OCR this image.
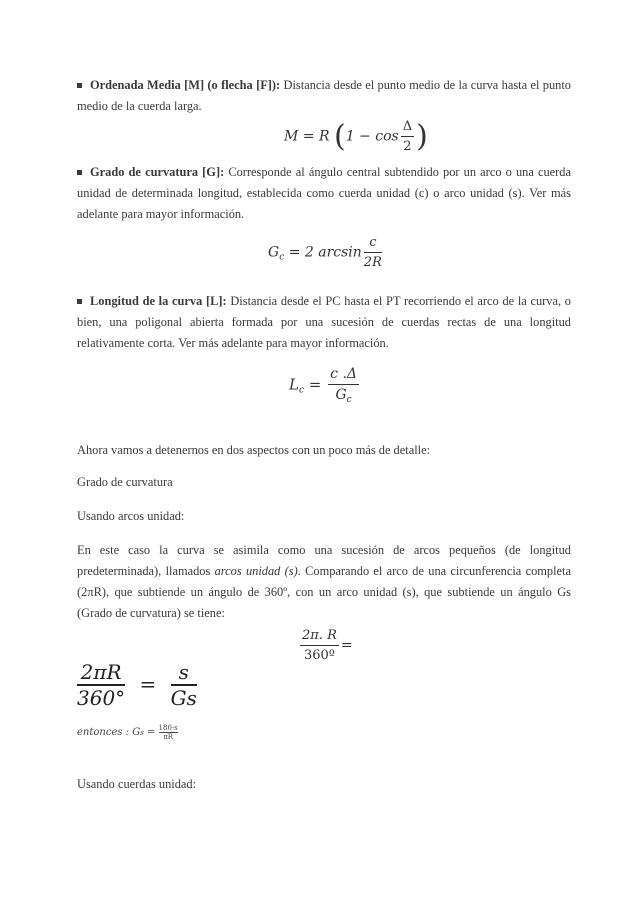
Ordenada Media [M] (o flecha [F]): Distancia desde el punto medio de la curva hasta el punto medio de la cuerda larga.
M = R ($1 - \cos \frac{\Delta}{2}$ )
Grado de curvatura [G]: Corresponde al ángulo central subtendido por un arco o una cuerda unidad de determinada longitud, establecida como cuerda unidad (c) o arco unidad (s). Ver más adelante para mayor información.
$G_c = 2$ $\arcsin \frac{c}{2R}$
Longitud de la curva [L]: Distancia desde el PC hasta el PT recorriendo el arco de la curva, o bien, una poligonal abierta formada por una sucesión de cuerdas rectas de una longitud relativamente corta. Ver más adelante para mayor información.
$L_c = \frac{c .\Delta}{G_c}$
Ahora vamos a detenernos en dos aspectos con un poco más de detalle:
Grado de curvatura
Usando arcos unidad:
En este caso la curva se asimila como una sucesión de arcos pequeños (de longitud predeterminada), llamados arcos unidad (s). Comparando el arco de una circunferencia completa (2πR), que subtiende un ángulo de 360º, con un arco unidad (s), que subtiende un ángulo Gs (Grado de curvatura) se tiene:
$\frac{2\pi. R}{\text{360º}}$ =
$\frac{2\pi R}{360^\circ} = \frac{s}{Gs}$
entonces : $Gs = \frac{180\cdot s}{\pi R}$
Usando cuerdas unidad:
